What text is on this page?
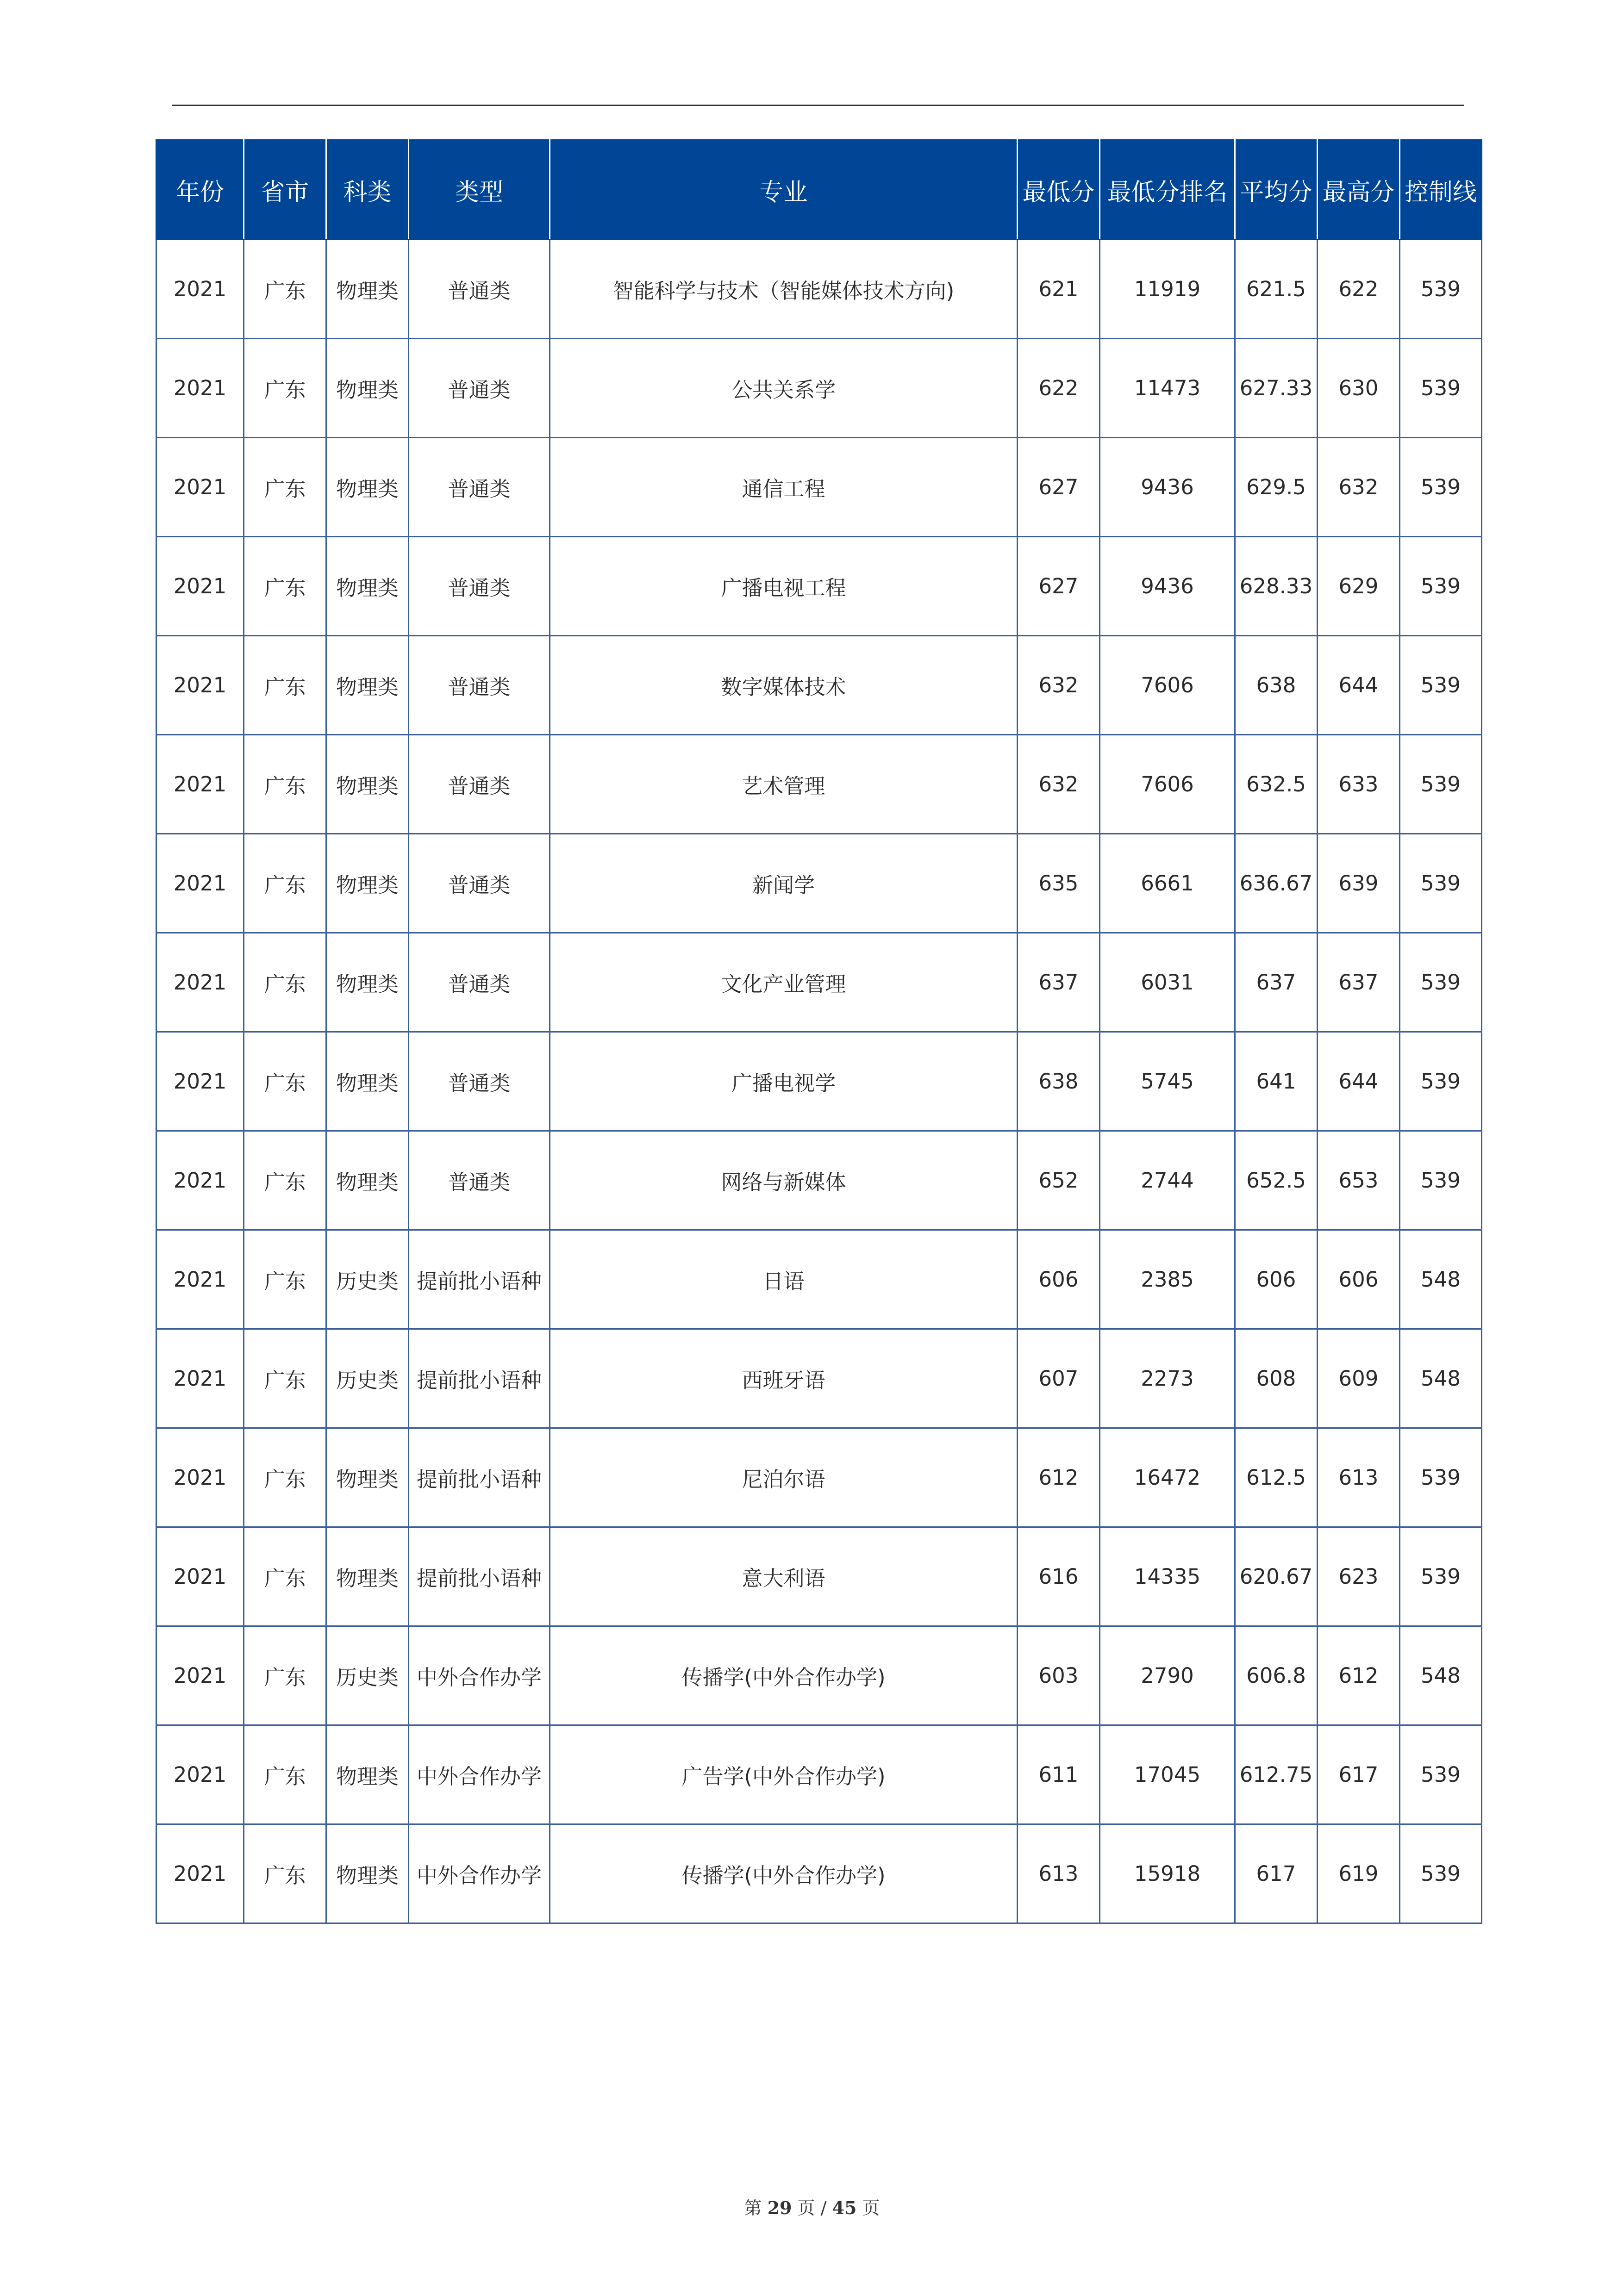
年份	省市	科类	类型	专业	最低分	最低分排名	平均分	最高分	控制线
2021	广东	物理类	普通类	智能科学与技术（智能媒体技术方向)	621	11919	621.5	622	539
2021	广东	物理类	普通类	公共关系学	622	11473	627.33	630	539
2021	广东	物理类	普通类	通信工程	627	9436	629.5	632	539
2021	广东	物理类	普通类	广播电视工程	627	9436	628.33	629	539
2021	广东	物理类	普通类	数字媒体技术	632	7606	638	644	539
2021	广东	物理类	普通类	艺术管理	632	7606	632.5	633	539
2021	广东	物理类	普通类	新闻学	635	6661	636.67	639	539
2021	广东	物理类	普通类	文化产业管理	637	6031	637	637	539
2021	广东	物理类	普通类	广播电视学	638	5745	641	644	539
2021	广东	物理类	普通类	网络与新媒体	652	2744	652.5	653	539
2021	广东	历史类	提前批小语种	日语	606	2385	606	606	548
2021	广东	历史类	提前批小语种	西班牙语	607	2273	608	609	548
2021	广东	物理类	提前批小语种	尼泊尔语	612	16472	612.5	613	539
2021	广东	物理类	提前批小语种	意大利语	616	14335	620.67	623	539
2021	广东	历史类	中外合作办学	传播学(中外合作办学)	603	2790	606.8	612	548
2021	广东	物理类	中外合作办学	广告学(中外合作办学)	611	17045	612.75	617	539
2021	广东	物理类	中外合作办学	传播学(中外合作办学)	613	15918	617	619	539
第 29 页 / 45 页
